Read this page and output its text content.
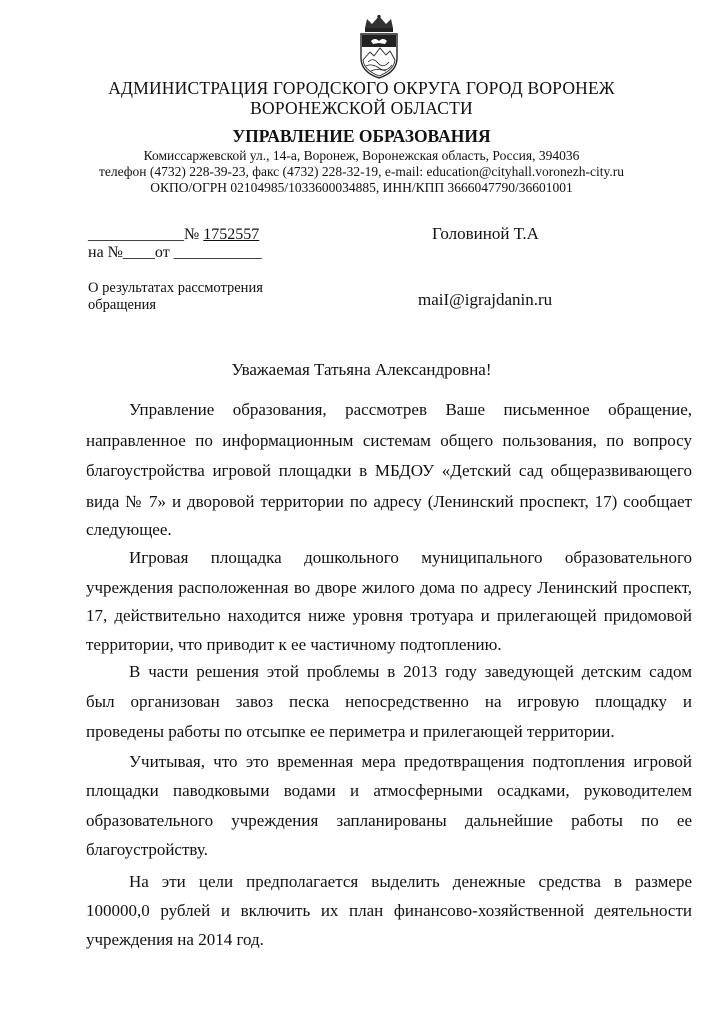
АДМИНИСТРАЦИЯ ГОРОДСКОГО ОКРУГА ГОРОД ВОРОНЕЖ
ВОРОНЕЖСКОЙ ОБЛАСТИ
УПРАВЛЕНИЕ ОБРАЗОВАНИЯ
Комиссаржевской ул., 14-а, Воронеж, Воронежская область, Россия, 394036
телефон (4732) 228-39-23, факс (4732) 228-32-19, e-mail: education@cityhall.voronezh-city.ru
ОКПО/ОГРН 02104985/1033600034885, ИНН/КПП 3666047790/36601001
____________№ 1752557
на №____от ___________
Головиной Т.А
maiI@igrajdanin.ru
О результатах рассмотрения
обращения
Уважаемая Татьяна Александровна!
Управление образования, рассмотрев Ваше письменное обращение,
направленное по информационным системам общего пользования, по вопросу
благоустройства игровой площадки в МБДОУ «Детский сад общеразвивающего
вида № 7» и дворовой территории по адресу (Ленинский проспект, 17) сообщает
следующее.
Игровая площадка дошкольного муниципального образовательного
учреждения расположенная во дворе жилого дома по адресу Ленинский проспект,
17, действительно находится ниже уровня тротуара и прилегающей придомовой
территории, что приводит к ее частичному подтоплению.
В части решения этой проблемы в 2013 году заведующей детским садом
был организован завоз песка непосредственно на игровую площадку и
проведены работы по отсыпке ее периметра и прилегающей территории.
Учитывая, что это временная мера предотвращения подтопления игровой
площадки паводковыми водами и атмосферными осадками, руководителем
образовательного учреждения запланированы дальнейшие работы по ее
благоустройству.
На эти цели предполагается выделить денежные средства в размере
100000,0 рублей и включить их план финансово-хозяйственной деятельности
учреждения на 2014 год.
